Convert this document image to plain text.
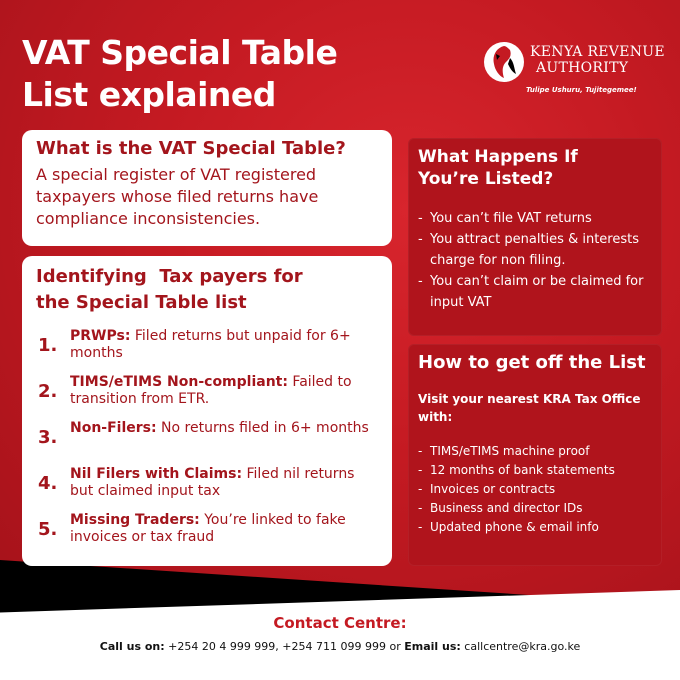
VAT Special Table
List explained
KENYA REVENUE
AUTHORITY
Tulipe Ushuru, Tujitegemee!
What is the VAT Special Table?
A special register of VAT registered taxpayers whose filed returns have compliance inconsistencies.
Identifying  Tax payers for
the Special Table list
1. PRWPs: Filed returns but unpaid for 6+ months
2. TIMS/eTIMS Non-compliant: Failed to transition from ETR.
3. Non-Filers: No returns filed in 6+ months
4. Nil Filers with Claims: Filed nil returns but claimed input tax
5. Missing Traders: You’re linked to fake invoices or tax fraud
What Happens If
You’re Listed?
- You can’t file VAT returns
- You attract penalties & interests charge for non filing.
- You can’t claim or be claimed for input VAT
How to get off the List
Visit your nearest KRA Tax Office with:
- TIMS/eTIMS machine proof
- 12 months of bank statements
- Invoices or contracts
- Business and director IDs
- Updated phone & email info
Contact Centre:
Call us on: +254 20 4 999 999, +254 711 099 999 or Email us: callcentre@kra.go.ke
